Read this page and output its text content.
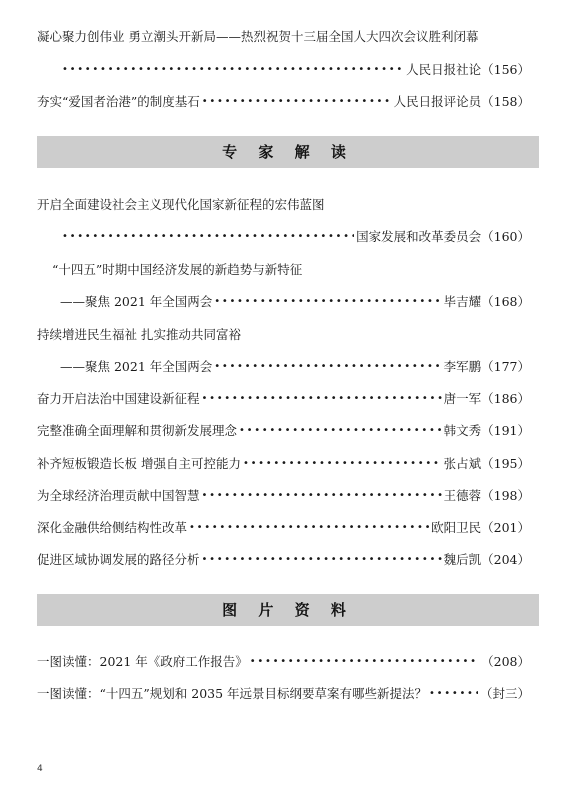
凝心聚力创伟业 勇立潮头开新局——热烈祝贺十三届全国人大四次会议胜利闭幕
•••••
人民日报社论 （156）
夯实“爱国者治港”的制度基石 •••••	人民日报评论员 （158）
专 家 解 读
开启全面建设社会主义现代化国家新征程的宏伟蓝图
•••••
国家发展和改革委员会 （160）
“十四五”时期中国经济发展的新趋势与新特征
——聚焦 2021 年全国两会 •••••	毕吉耀 （168）
持续增进民生福祉 扎实推动共同富裕
——聚焦 2021 年全国两会 •••••	李军鹏 （177）
奋力开启法治中国建设新征程 •••••	唐一军 （186）
完整准确全面理解和贯彻新发展理念 •••••	韩文秀 （191）
补齐短板锻造长板 增强自主可控能力 •••••	张占斌 （195）
为全球经济治理贡献中国智慧 •••••	王德蓉 （198）
深化金融供给侧结构性改革 •••••	欧阳卫民 （201）
促进区域协调发展的路径分析 •••••	魏后凯 （204）
图 片 资 料
一图读懂：2021 年《政府工作报告》 •••••	（208）
一图读懂：“十四五”规划和 2035 年远景目标纲要草案有哪些新提法？ •••••	（封三）
4
